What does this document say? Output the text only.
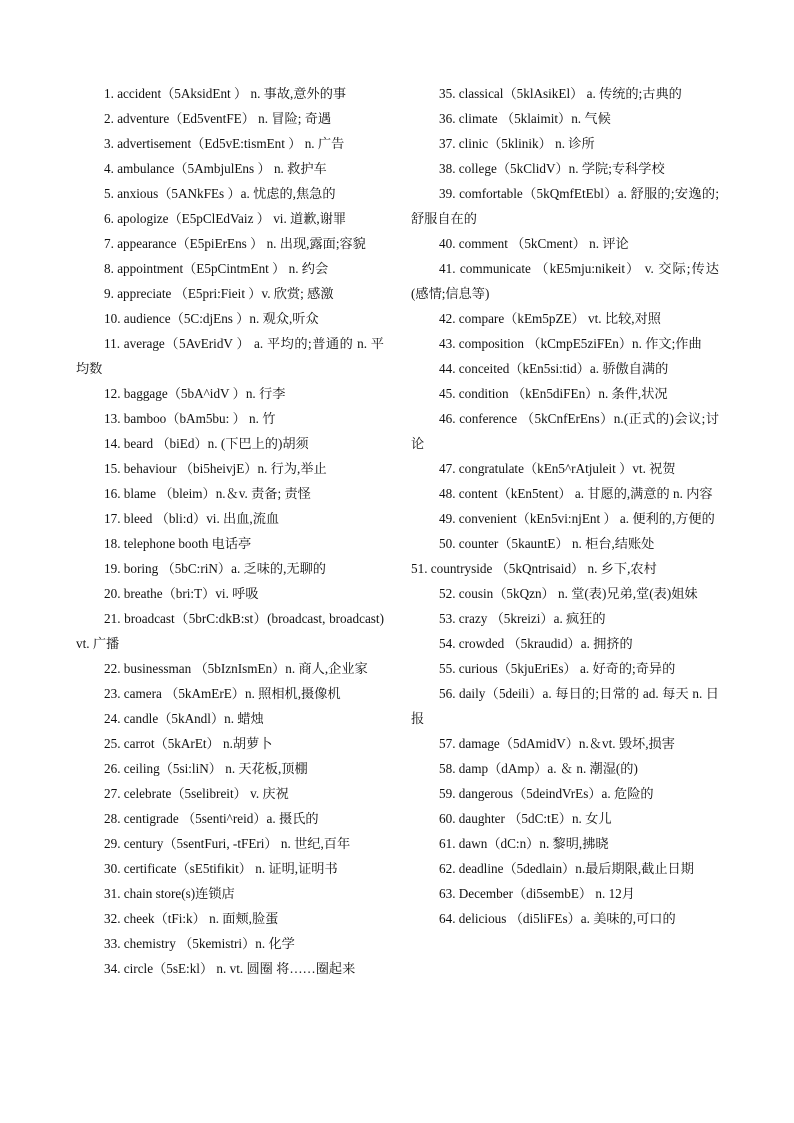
1. accident（5AksidEnt ） n. 事故,意外的事
2. adventure（Ed5ventFE） n. 冒险; 奇遇
3. advertisement（Ed5vE:tismEnt ） n. 广告
4. ambulance（5AmbjulEns ） n. 救护车
5. anxious（5ANkFEs ）a. 忧虑的,焦急的
6. apologize（E5pClEdVaiz ） vi. 道歉,谢罪
7. appearance（E5piErEns ） n. 出现,露面;容貌
8. appointment（E5pCintmEnt ） n. 约会
9. appreciate （E5pri:Fieit ）v. 欣赏; 感激
10. audience（5C:djEns ）n. 观众,听众
11. average（5AvEridV ） a. 平均的;普通的 n. 平均数
12. baggage（5bA^idV ）n. 行李
13. bamboo（bAm5bu: ） n. 竹
14. beard （biEd）n. (下巴上的)胡须
15. behaviour （bi5heivjE）n. 行为,举止
16. blame （bleim）n.＆v. 责备; 责怪
17. bleed （bli:d）vi. 出血,流血
18. telephone booth 电话亭
19. boring （5bC:riN）a. 乏味的,无聊的
20. breathe（bri:T）vi. 呼吸
21. broadcast（5brC:dkB:st）(broadcast, broadcast)vt. 广播
22. businessman （5bIznIsmEn）n. 商人,企业家
23. camera （5kAmErE）n. 照相机,摄像机
24. candle（5kAndl）n. 蜡烛
25. carrot（5kArEt） n.胡萝卜
26. ceiling（5si:liN） n. 天花板,顶棚
27. celebrate（5selibreit） v. 庆祝
28. centigrade （5senti^reid）a. 摄氏的
29. century（5sentFuri, -tFEri） n. 世纪,百年
30. certificate（sE5tifikit） n. 证明,证明书
31. chain store(s)连锁店
32. cheek（tFi:k） n. 面颊,脸蛋
33. chemistry （5kemistri）n. 化学
34. circle（5sE:kl） n. vt. 圆圈 将……圈起来
35. classical（5klAsikEl） a. 传统的;古典的
36. climate （5klaimit）n. 气候
37. clinic（5klinik） n. 诊所
38. college（5kClidV）n. 学院;专科学校
39. comfortable（5kQmfEtEbl）a. 舒服的;安逸的;舒服自在的
40. comment （5kCment） n. 评论
41. communicate （kE5mju:nikeit） v. 交际;传达(感情;信息等)
42. compare（kEm5pZE） vt. 比较,对照
43. composition （kCmpE5ziFEn）n. 作文;作曲
44. conceited（kEn5si:tid）a. 骄傲自满的
45. condition （kEn5diFEn）n. 条件,状况
46. conference （5kCnfErEns）n.(正式的)会议;讨论
47. congratulate（kEn5^rAtjuleit ）vt. 祝贺
48. content（kEn5tent） a. 甘愿的,满意的 n. 内容
49. convenient（kEn5vi:njEnt ） a. 便利的,方便的
50. counter（5kauntE） n. 柜台,结账处
51. countryside （5kQntrisaid） n. 乡下,农村
52. cousin（5kQzn） n. 堂(表)兄弟,堂(表)姐妹
53. crazy （5kreizi）a. 疯狂的
54. crowded （5kraudid）a. 拥挤的
55. curious（5kjuEriEs） a. 好奇的;奇异的
56. daily（5deili）a. 每日的;日常的 ad. 每天 n. 日报
57. damage（5dAmidV）n.＆vt. 毁坏,损害
58. damp（dAmp）a. ＆ n. 潮湿(的)
59. dangerous（5deindVrEs）a. 危险的
60. daughter （5dC:tE）n. 女儿
61. dawn（dC:n）n. 黎明,拂晓
62. deadline（5dedlain）n.最后期限,截止日期
63. December（di5sembE） n. 12月
64. delicious （di5liFEs）a. 美味的,可口的
